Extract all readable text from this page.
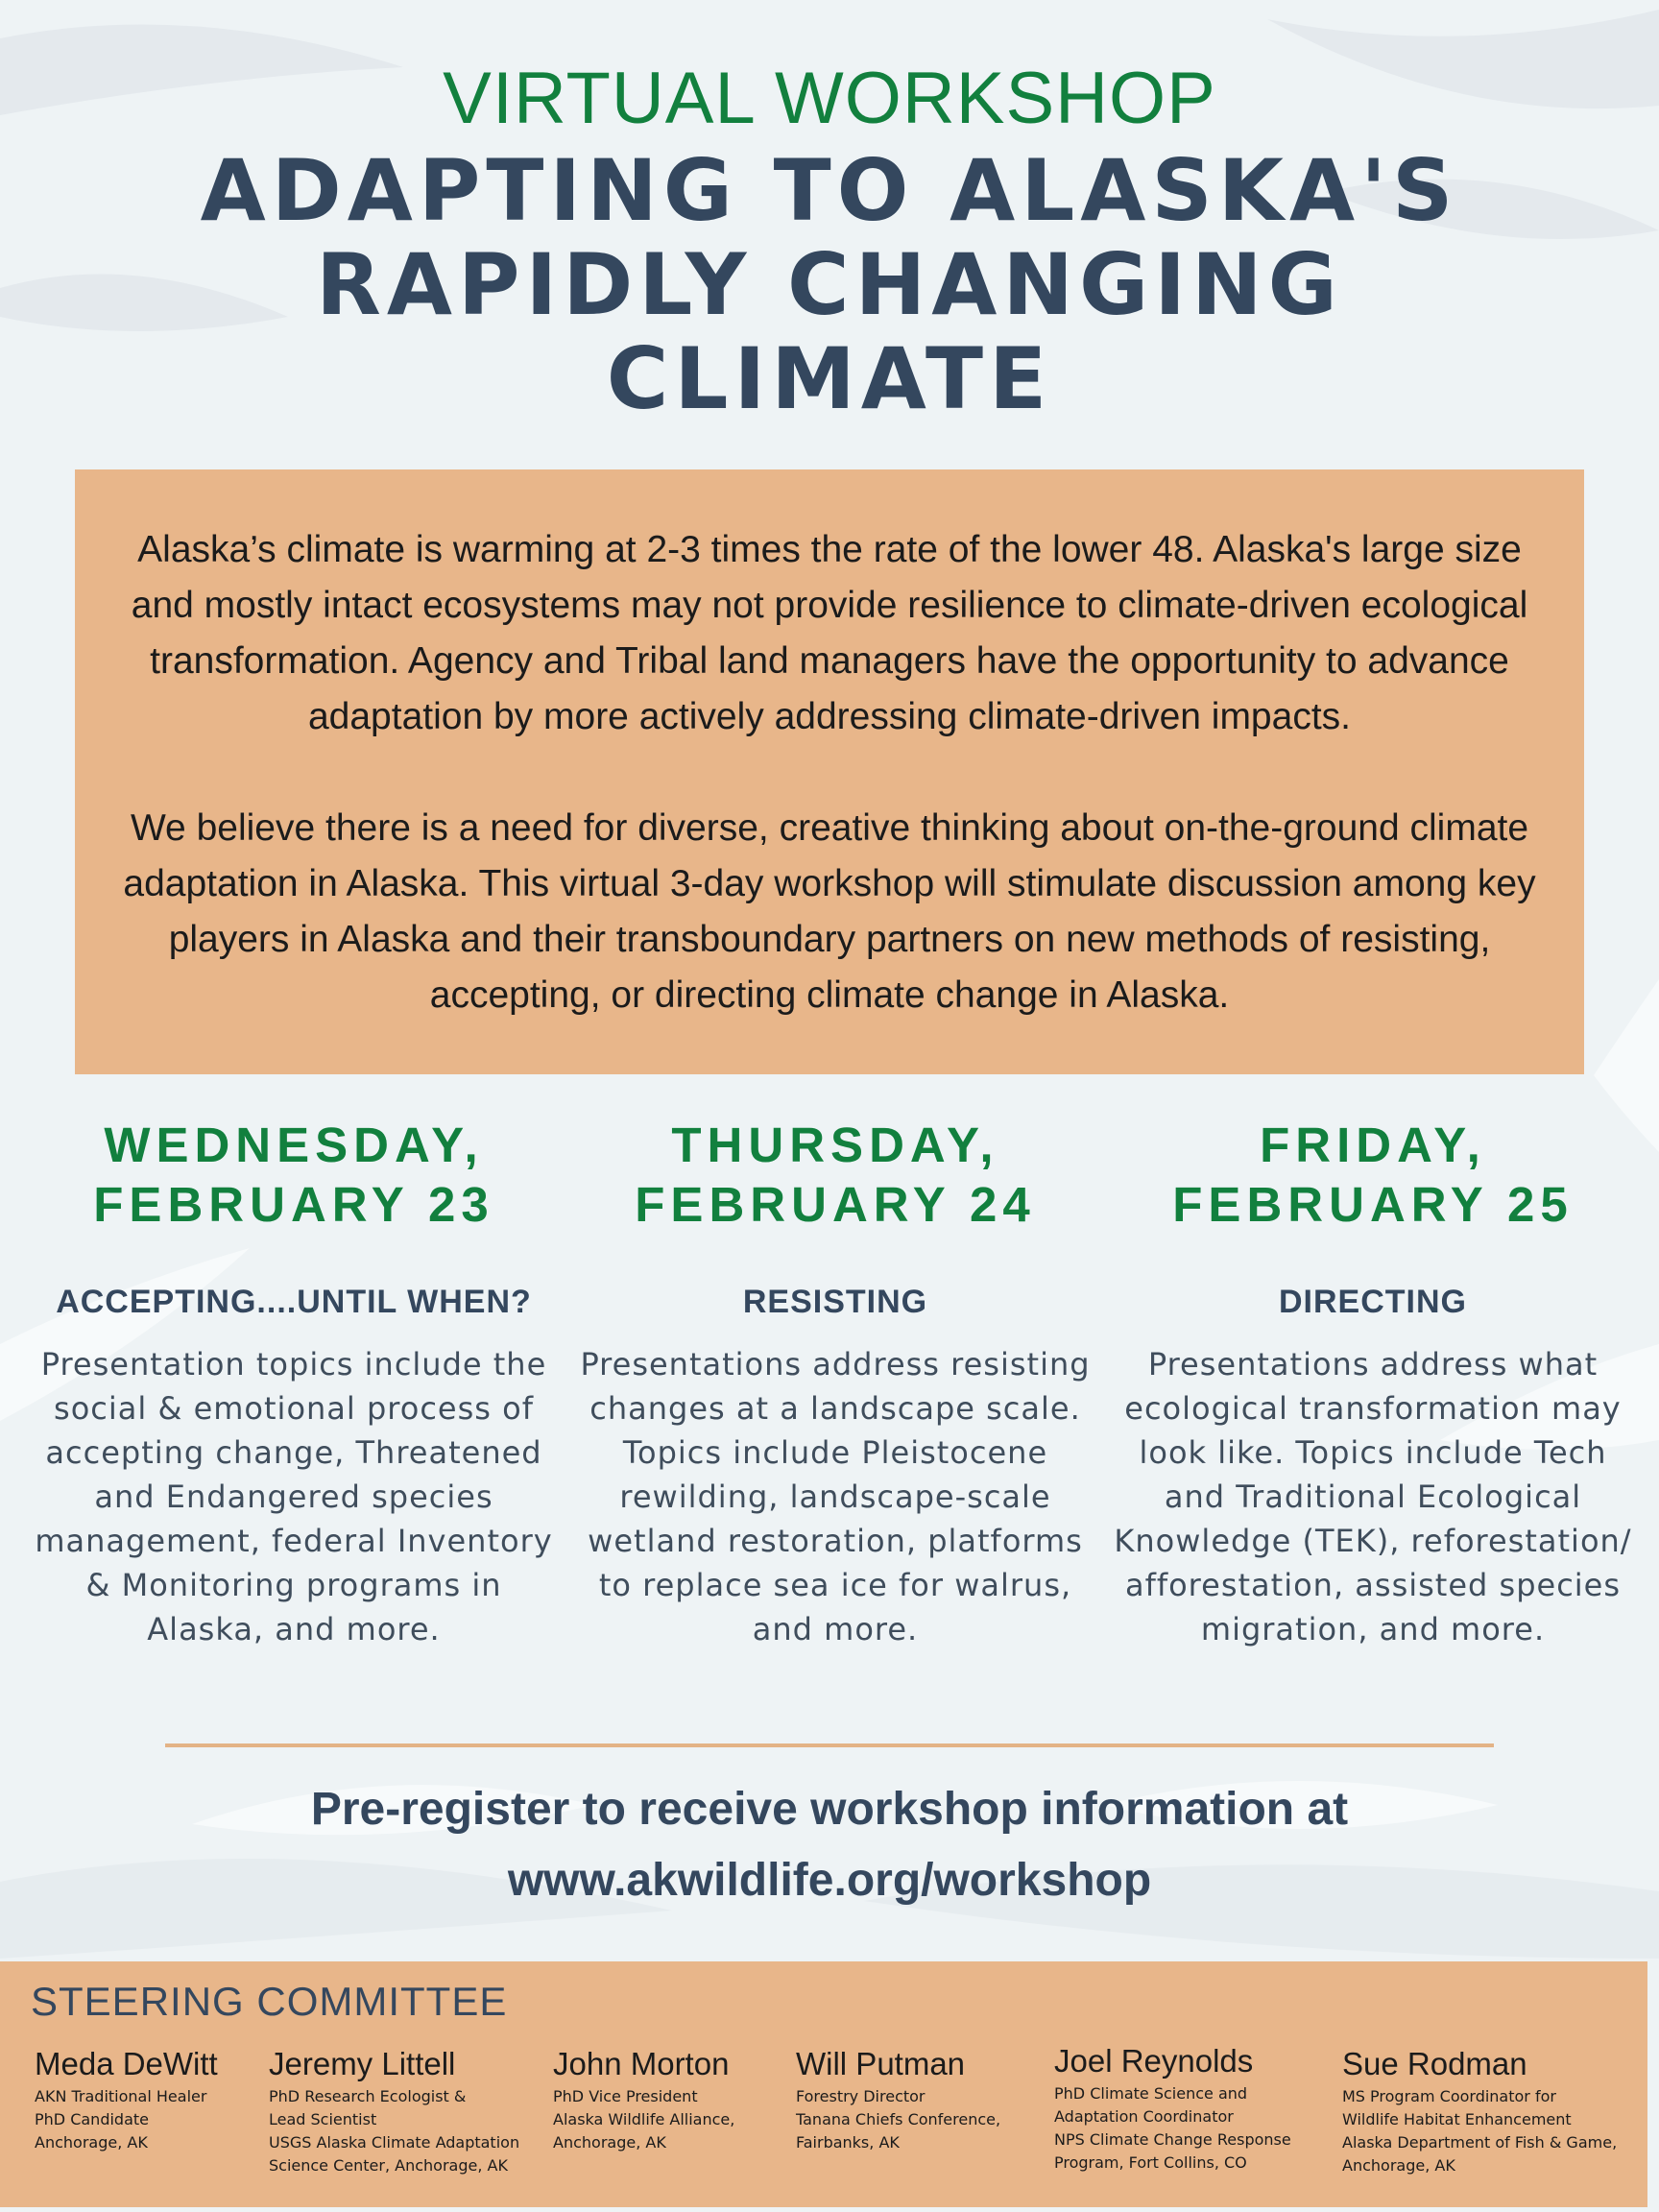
VIRTUAL WORKSHOP
ADAPTING TO ALASKA'S
RAPIDLY CHANGING
CLIMATE

Alaska’s climate is warming at 2-3 times the rate of the lower 48. Alaska's large size and mostly intact ecosystems may not provide resilience to climate-driven ecological transformation. Agency and Tribal land managers have the opportunity to advance adaptation by more actively addressing climate-driven impacts.

We believe there is a need for diverse, creative thinking about on-the-ground climate adaptation in Alaska. This virtual 3-day workshop will stimulate discussion among key players in Alaska and their transboundary partners on new methods of resisting, accepting, or directing climate change in Alaska.

WEDNESDAY,
FEBRUARY 23
ACCEPTING....UNTIL WHEN?
Presentation topics include the social & emotional process of accepting change, Threatened and Endangered species management, federal Inventory & Monitoring programs in Alaska, and more.
THURSDAY,
FEBRUARY 24
RESISTING
Presentations address resisting changes at a landscape scale. Topics include Pleistocene rewilding, landscape-scale wetland restoration, platforms to replace sea ice for walrus, and more.
FRIDAY,
FEBRUARY 25
DIRECTING
Presentations address what ecological transformation may look like. Topics include Tech and Traditional Ecological Knowledge (TEK), reforestation/ afforestation, assisted species migration, and more.
Pre-register to receive workshop information at
www.akwildlife.org/workshop
STEERING COMMITTEE
Meda DeWitt
AKN Traditional Healer
PhD Candidate
Anchorage, AK
Jeremy Littell
PhD Research Ecologist &
Lead Scientist
USGS Alaska Climate Adaptation
Science Center, Anchorage, AK
John Morton
PhD Vice President
Alaska Wildlife Alliance,
Anchorage, AK
Will Putman
Forestry Director
Tanana Chiefs Conference,
Fairbanks, AK
Joel Reynolds
PhD Climate Science and
Adaptation Coordinator
NPS Climate Change Response
Program, Fort Collins, CO
Sue Rodman
MS Program Coordinator for
Wildlife Habitat Enhancement
Alaska Department of Fish & Game,
Anchorage, AK
